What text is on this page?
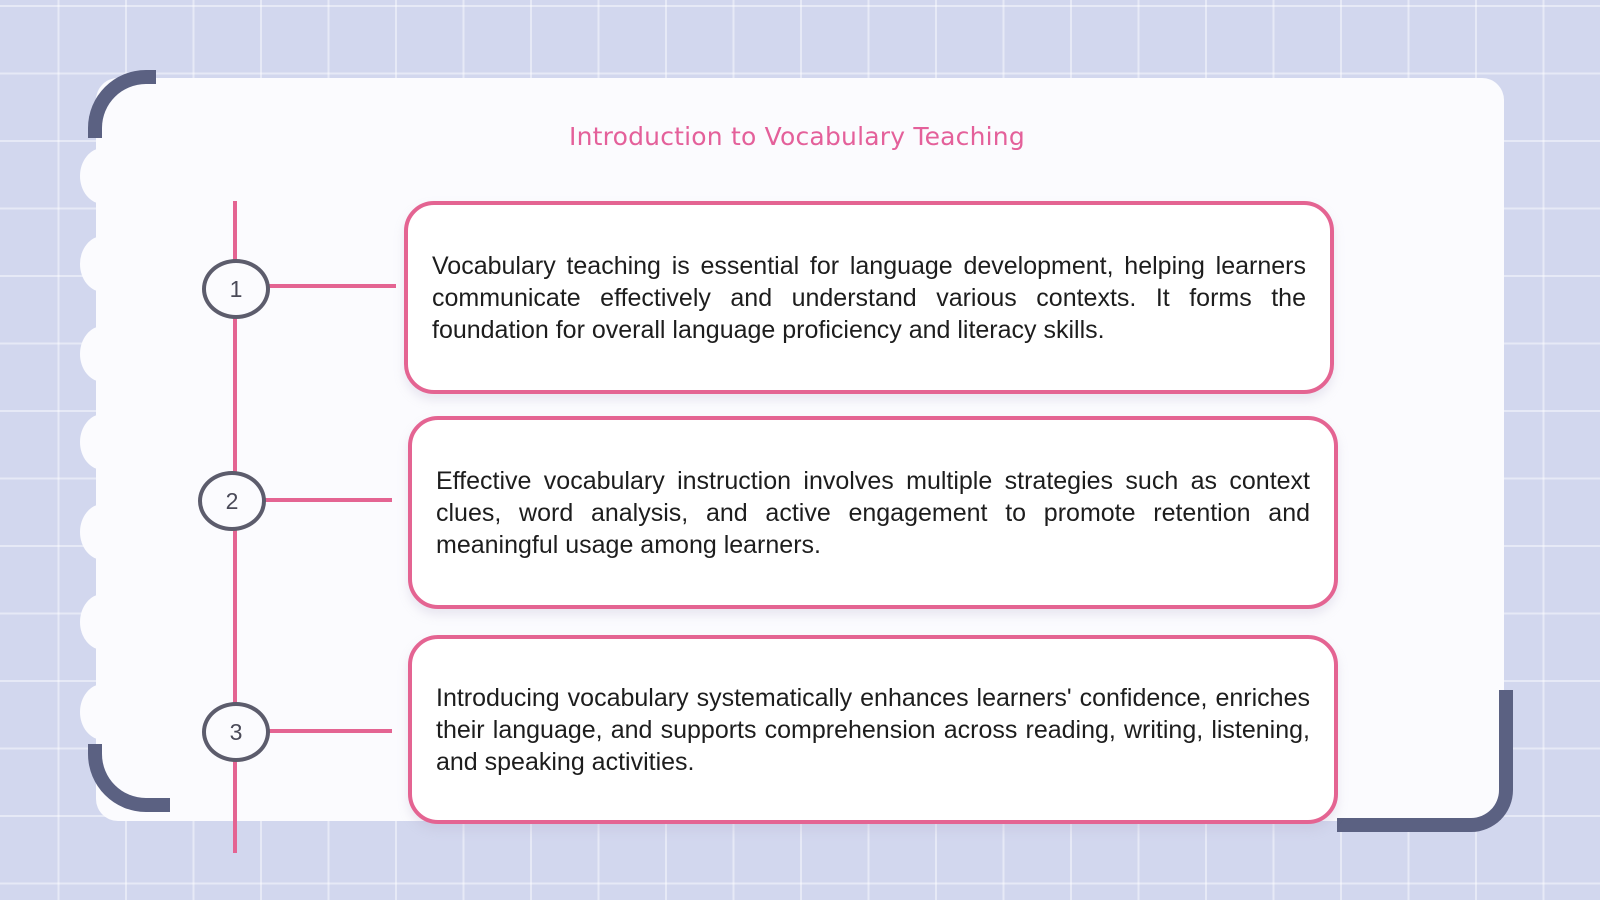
Introduction to Vocabulary Teaching
1
2
3

Vocabulary teaching is essential for language development, helping learners communicate effectively and understand various contexts. It forms the foundation for overall language proficiency and literacy skills.

Effective vocabulary instruction involves multiple strategies such as context clues, word analysis, and active engagement to promote retention and meaningful usage among learners.

Introducing vocabulary systematically enhances learners' confidence, enriches their language, and supports comprehension across reading, writing, listening, and speaking activities.
